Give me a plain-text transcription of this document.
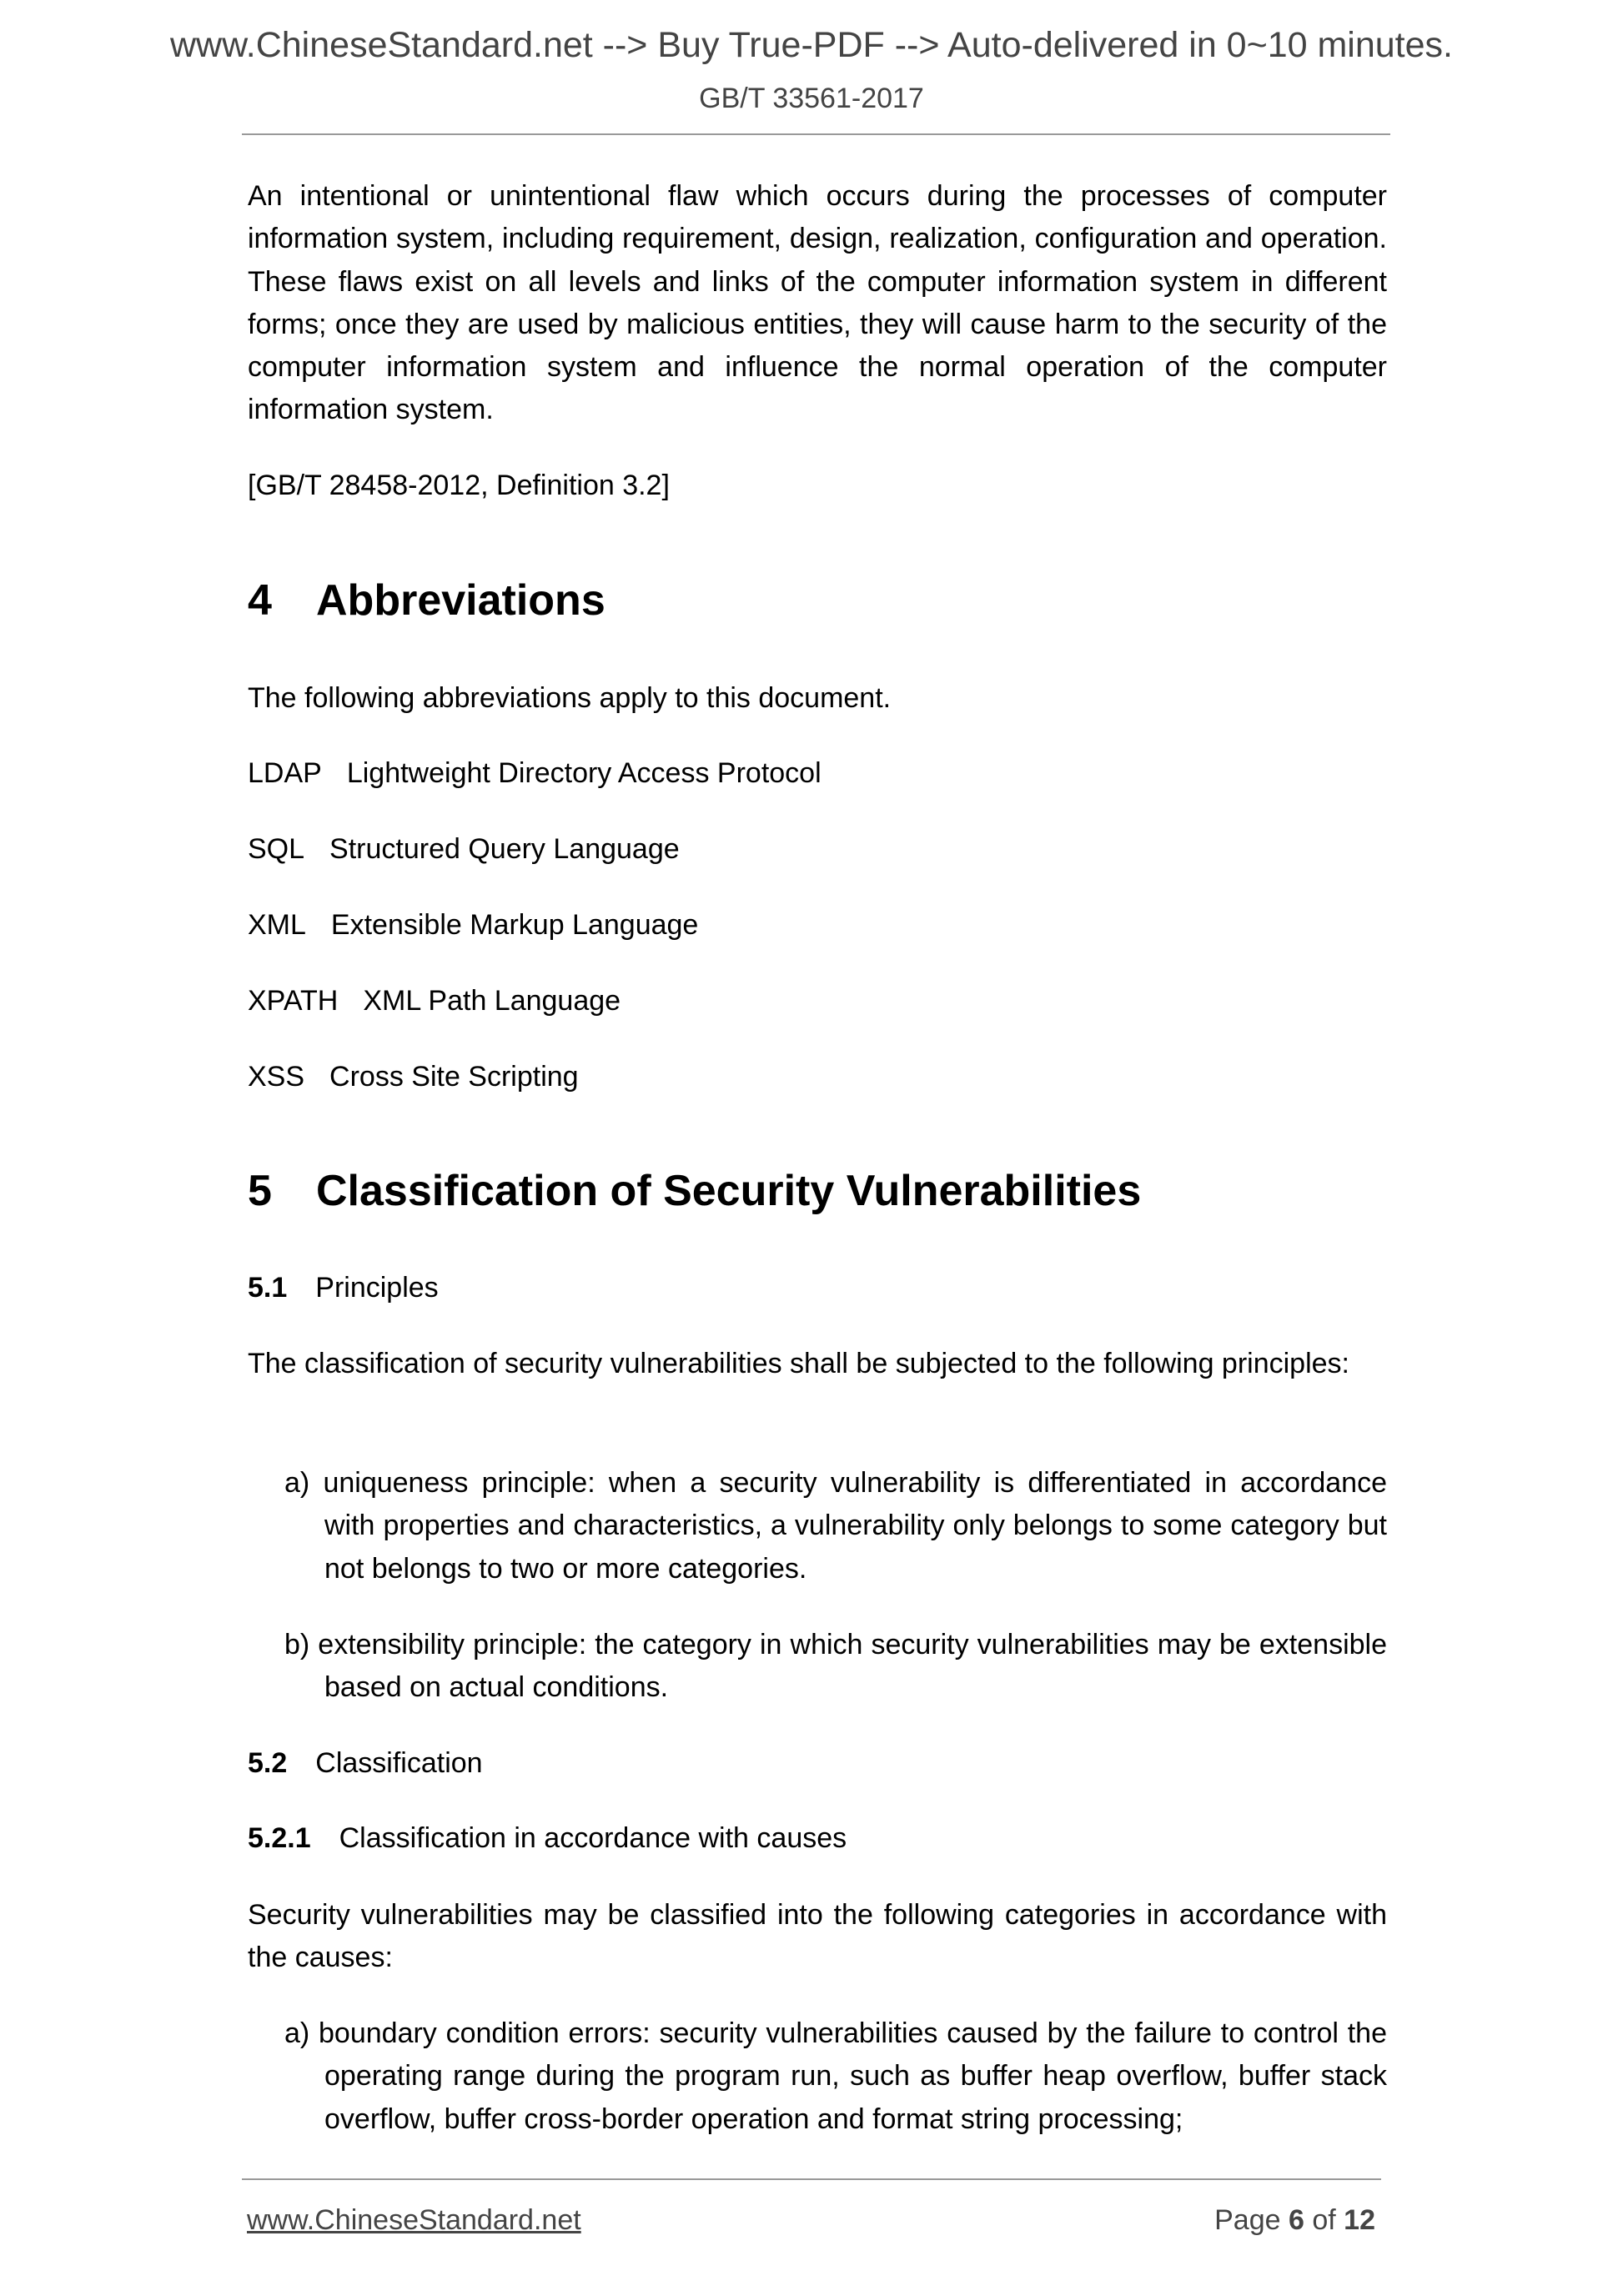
www.ChineseStandard.net --> Buy True-PDF --> Auto-delivered in 0~10 minutes.
GB/T 33561-2017
An intentional or unintentional flaw which occurs during the processes of computer information system, including requirement, design, realization, configuration and operation. These flaws exist on all levels and links of the computer information system in different forms; once they are used by malicious entities, they will cause harm to the security of the computer information system and influence the normal operation of the computer information system.
[GB/T 28458-2012, Definition 3.2]
4 Abbreviations
The following abbreviations apply to this document.
LDAP Lightweight Directory Access Protocol
SQL Structured Query Language
XML Extensible Markup Language
XPATH XML Path Language
XSS Cross Site Scripting
5 Classification of Security Vulnerabilities
5.1 Principles
The classification of security vulnerabilities shall be subjected to the following principles:
a) uniqueness principle: when a security vulnerability is differentiated in accordance with properties and characteristics, a vulnerability only belongs to some category but not belongs to two or more categories.
b) extensibility principle: the category in which security vulnerabilities may be extensible based on actual conditions.
5.2 Classification
5.2.1 Classification in accordance with causes
Security vulnerabilities may be classified into the following categories in accordance with the causes:
a) boundary condition errors: security vulnerabilities caused by the failure to control the operating range during the program run, such as buffer heap overflow, buffer stack overflow, buffer cross-border operation and format string processing;
www.ChineseStandard.net	Page 6 of 12
